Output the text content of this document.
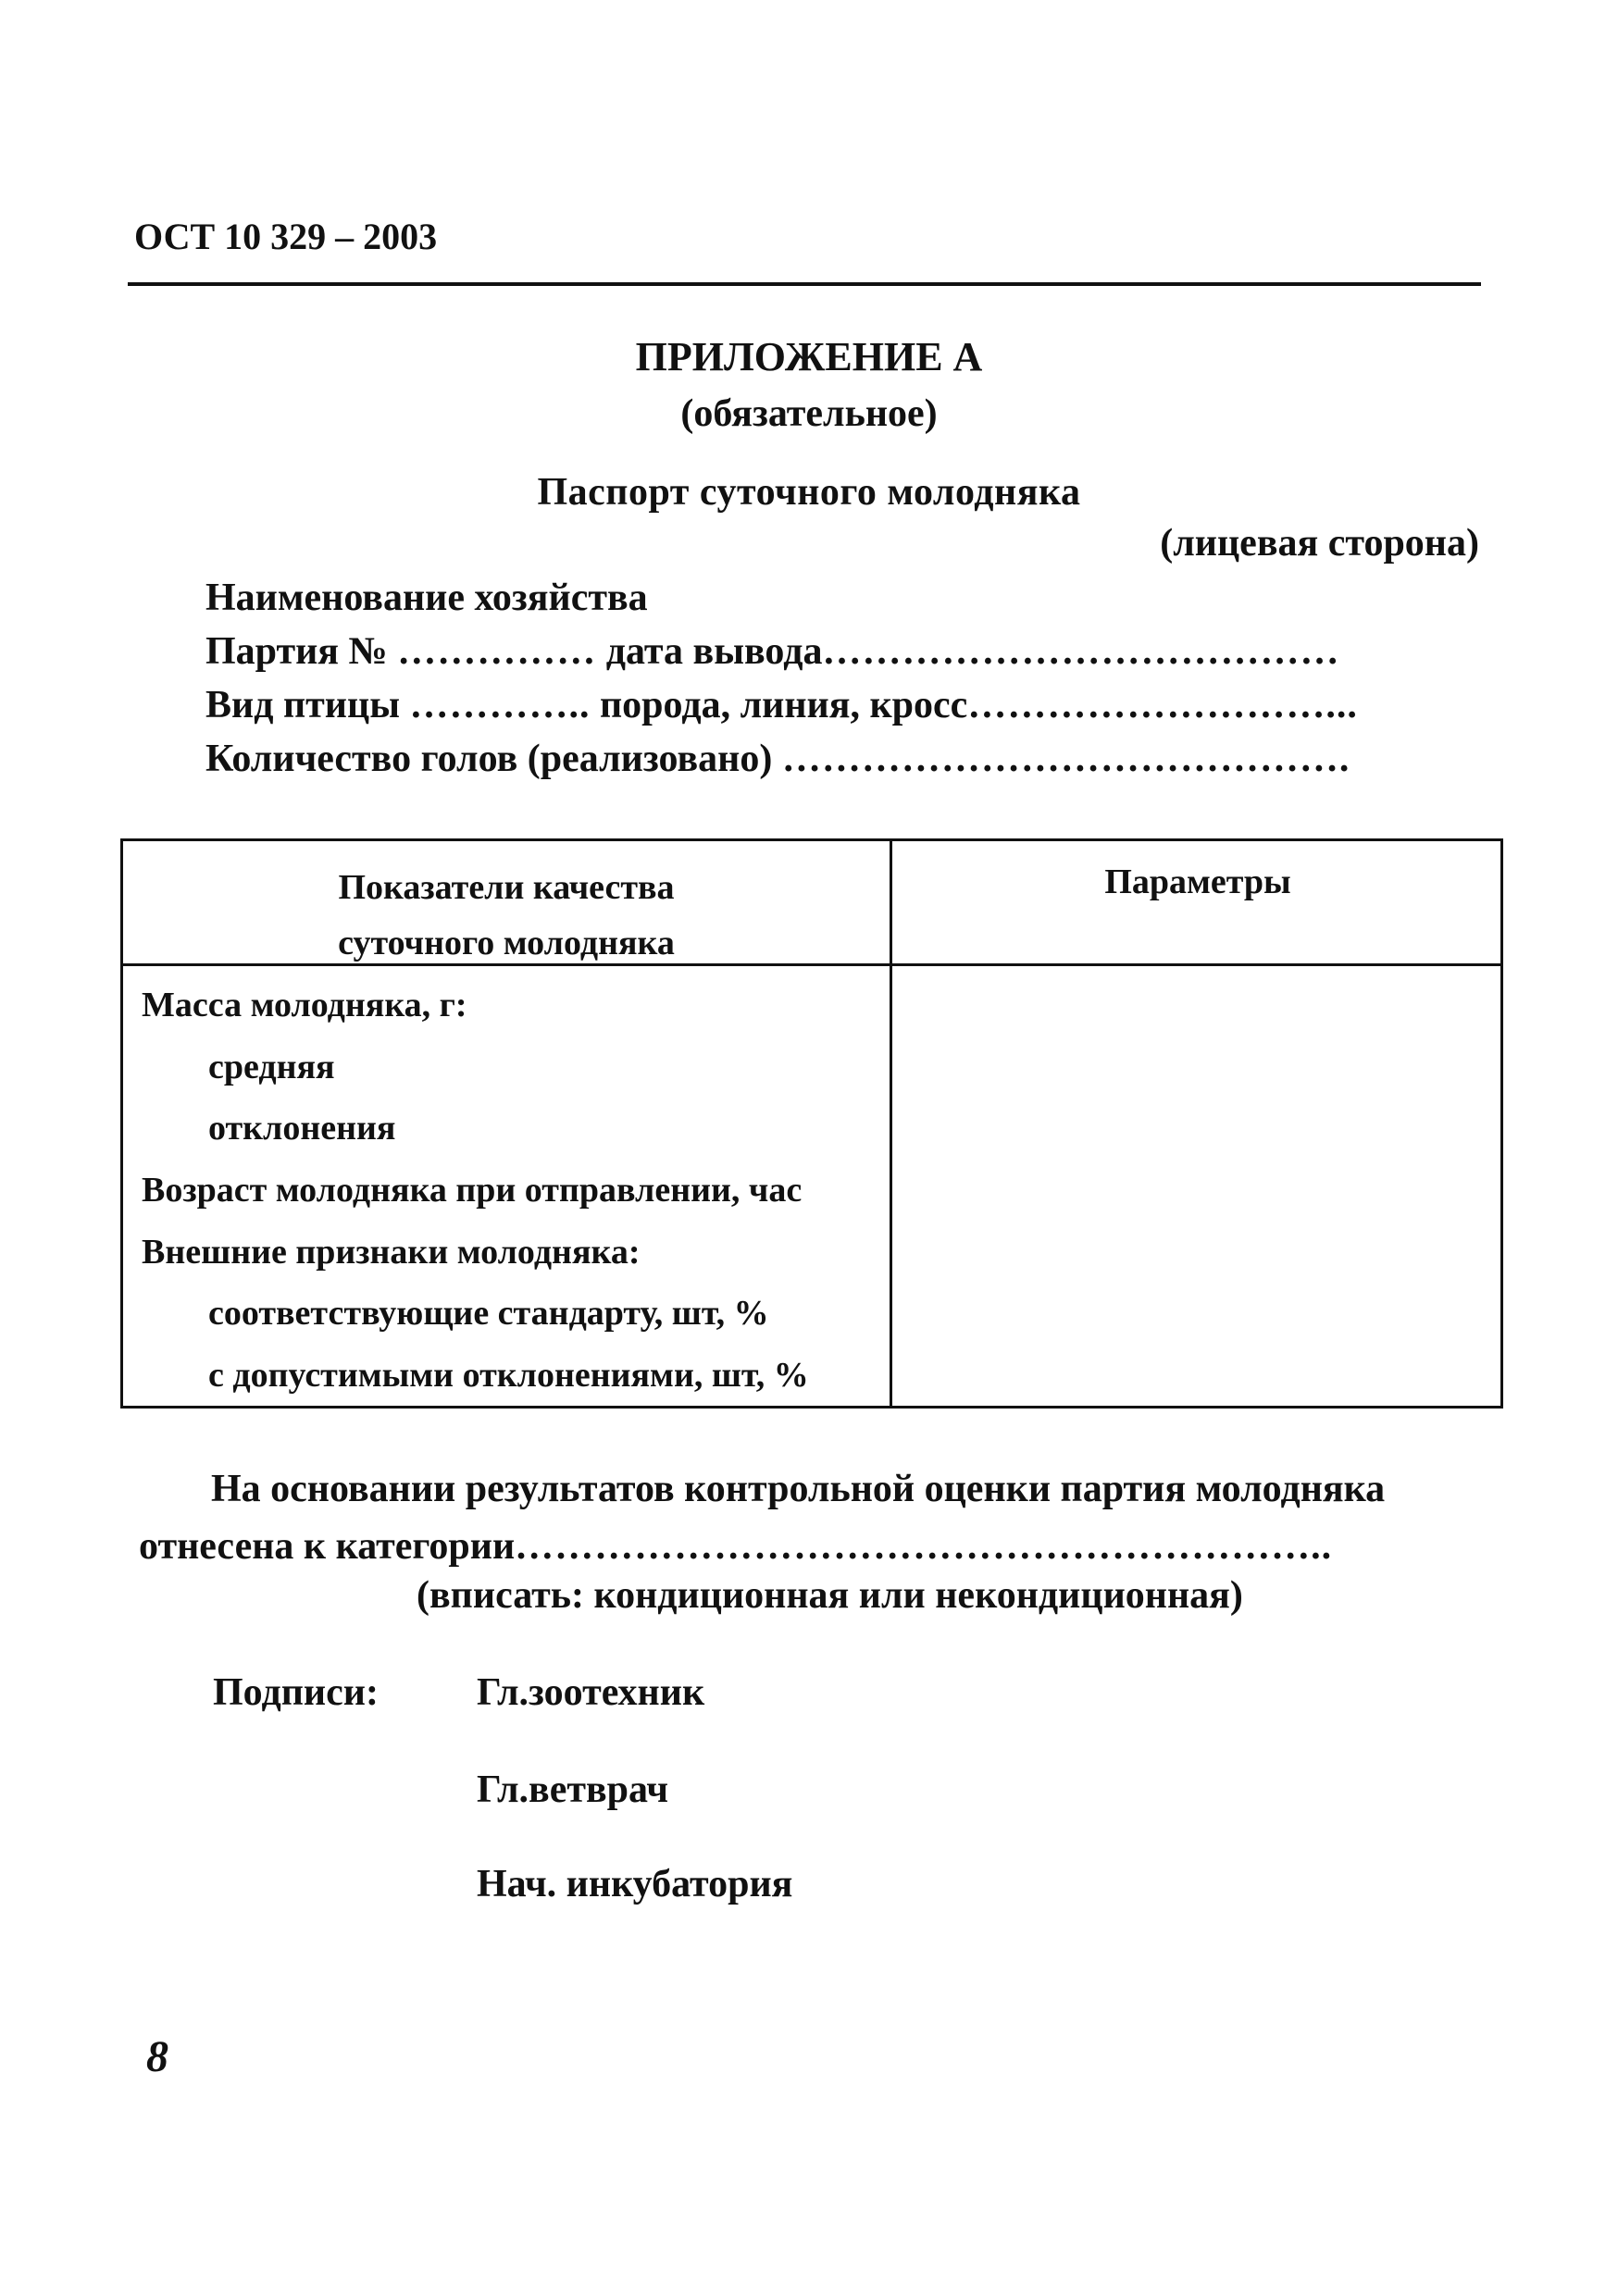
ОСТ 10 329 – 2003
ПРИЛОЖЕНИЕ А
(обязательное)
Паспорт суточного молодняка
(лицевая сторона)
Наименование хозяйства
Партия № …………… дата вывода…………………………………
Вид птицы ………….. порода, линия, кросс………………………...
Количество голов (реализовано) …………………………………….
Показатели качества
суточного молодняка
Параметры
Масса молодняка, г:
средняя
отклонения
Возраст молодняка при отправлении, час
Внешние признаки молодняка:
соответствующие стандарту, шт, %
с допустимыми отклонениями, шт, %
На основании результатов контрольной оценки партия молодняка
отнесена к категории……………………………………………………..
(вписать: кондиционная или некондиционная)
Подписи:	Гл.зоотехник
Гл.ветврач
Нач. инкубатория
8
